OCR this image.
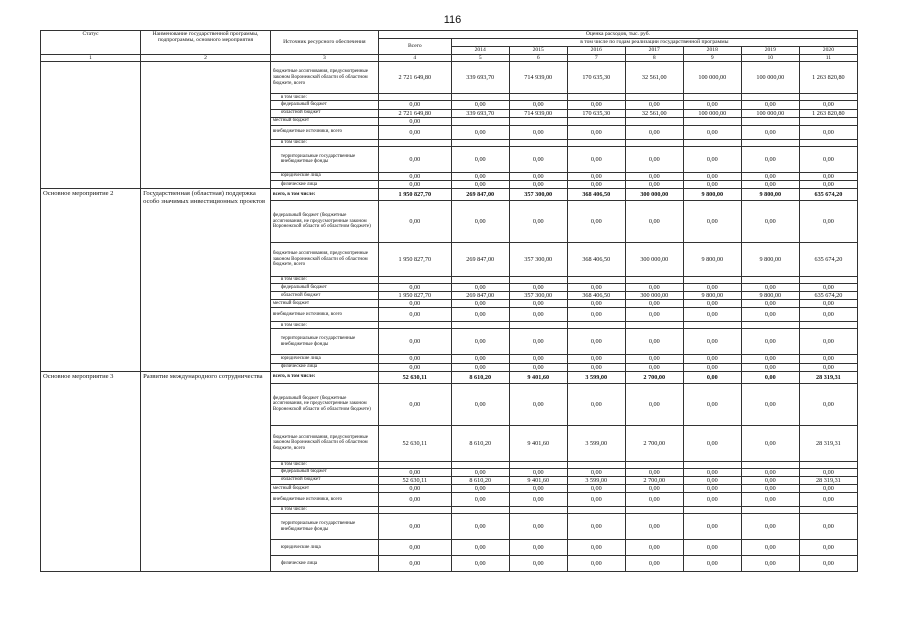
116
Статус	Наименование государственной программы, подпрограммы, основного мероприятия	Источник ресурсного обеспечения	Оценка расходов, тыс. руб.							
			Всего	в том числе по годам реализации государственной программы						
				2014	2015	2016	2017	2018	2019	2020
1	2	3	4	5	6	7	8	9	10	11
		бюджетные ассигнования, предусмотренные законом Воронежской области об областном бюджете, всего	2 721 649,80	339 693,70	714 939,00	170 635,30	32 561,00	100 000,00	100 000,00	1 263 820,80
		в том числе:								
		федеральный бюджет	0,00	0,00	0,00	0,00	0,00	0,00	0,00	0,00
		областной бюджет	2 721 649,80	339 693,70	714 939,00	170 635,30	32 561,00	100 000,00	100 000,00	1 263 820,80
		местный бюджет	0,00							
		внебюджетные источники, всего	0,00	0,00	0,00	0,00	0,00	0,00	0,00	0,00
		в том числе:								
		территориальные государственные внебюджетные фонды	0,00	0,00	0,00	0,00	0,00	0,00	0,00	0,00
		юридические лица	0,00	0,00	0,00	0,00	0,00	0,00	0,00	0,00
		физические лица	0,00	0,00	0,00	0,00	0,00	0,00	0,00	0,00
Основное мероприятие 2	Государственная (областная) поддержка особо значимых инвестиционных проектов	всего, в том числе:	1 950 827,70	269 847,00	357 300,00	368 406,50	300 000,00	9 800,00	9 800,00	635 674,20
		федеральный бюджет (бюджетные ассигнования, не предусмотренные законом Воронежской области об областном бюджете)	0,00	0,00	0,00	0,00	0,00	0,00	0,00	0,00
		бюджетные ассигнования, предусмотренные законом Воронежской области об областном бюджете, всего	1 950 827,70	269 847,00	357 300,00	368 406,50	300 000,00	9 800,00	9 800,00	635 674,20
		в том числе:								
		федеральный бюджет	0,00	0,00	0,00	0,00	0,00	0,00	0,00	0,00
		областной бюджет	1 950 827,70	269 847,00	357 300,00	368 406,50	300 000,00	9 800,00	9 800,00	635 674,20
		местный бюджет	0,00	0,00	0,00	0,00	0,00	0,00	0,00	0,00
		внебюджетные источники, всего	0,00	0,00	0,00	0,00	0,00	0,00	0,00	0,00
		в том числе:								
		территориальные государственные внебюджетные фонды	0,00	0,00	0,00	0,00	0,00	0,00	0,00	0,00
		юридические лица	0,00	0,00	0,00	0,00	0,00	0,00	0,00	0,00
		физические лица	0,00	0,00	0,00	0,00	0,00	0,00	0,00	0,00
Основное мероприятие 3	Развитие международного сотрудничества	всего, в том числе:	52 630,11	8 610,20	9 401,60	3 599,00	2 700,00	0,00	0,00	28 319,31
		федеральный бюджет (бюджетные ассигнования, не предусмотренные законом Воронежской области об областном бюджете)	0,00	0,00	0,00	0,00	0,00	0,00	0,00	0,00
		бюджетные ассигнования, предусмотренные законом Воронежской области об областном бюджете, всего	52 630,11	8 610,20	9 401,60	3 599,00	2 700,00	0,00	0,00	28 319,31
		в том числе:								
		федеральный бюджет	0,00	0,00	0,00	0,00	0,00	0,00	0,00	0,00
		областной бюджет	52 630,11	8 610,20	9 401,60	3 599,00	2 700,00	0,00	0,00	28 319,31
		местный бюджет	0,00	0,00	0,00	0,00	0,00	0,00	0,00	0,00
		внебюджетные источники, всего	0,00	0,00	0,00	0,00	0,00	0,00	0,00	0,00
		в том числе:								
		территориальные государственные внебюджетные фонды	0,00	0,00	0,00	0,00	0,00	0,00	0,00	0,00
		юридические лица	0,00	0,00	0,00	0,00	0,00	0,00	0,00	0,00
		физические лица	0,00	0,00	0,00	0,00	0,00	0,00	0,00	0,00
